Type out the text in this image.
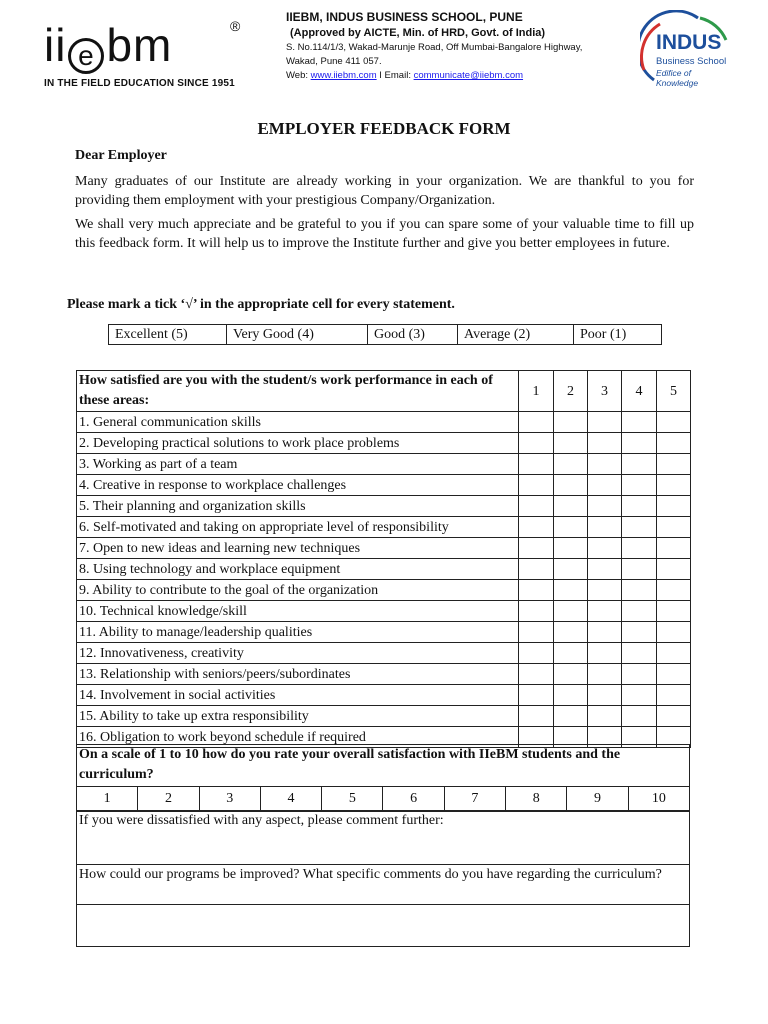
ii e bm	®
IN THE FIELD EDUCATION SINCE 1951
IIEBM, INDUS BUSINESS SCHOOL, PUNE
(Approved by AICTE, Min. of HRD, Govt. of India)
S. No.114/1/3, Wakad-Marunje Road, Off Mumbai-Bangalore Highway,
Wakad, Pune 411 057.
Web: www.iiebm.com I Email: communicate@iiebm.com
INDUS
Business School
Edifice of Knowledge
EMPLOYER FEEDBACK FORM
Dear Employer
Many graduates of our Institute are already working in your organization. We are thankful to you for providing them employment with your prestigious Company/Organization.
We shall very much appreciate and be grateful to you if you can spare some of your valuable time to fill up this feedback form. It will help us to improve the Institute further and give you better employees in future.
Please mark a tick ‘√’ in the appropriate cell for every statement.
Excellent (5)	Very Good (4)	Good (3)	Average (2)	Poor (1)
How satisfied are you with the student/s work performance in each of these areas:	1	2	3	4	5
1. General communication skills					
2. Developing practical solutions to work place problems					
3. Working as part of a team					
4. Creative in response to workplace challenges					
5. Their planning and organization skills					
6. Self-motivated and taking on appropriate level of responsibility					
7. Open to new ideas and learning new techniques					
8. Using technology and workplace equipment					
9. Ability to contribute to the goal of the organization					
10. Technical knowledge/skill					
11. Ability to manage/leadership qualities					
12. Innovativeness, creativity					
13. Relationship with seniors/peers/subordinates					
14. Involvement in social activities					
15. Ability to take up extra responsibility					
16. Obligation to work beyond schedule if required					
1	2	3	4	5	6	7	8	9	10
On a scale of 1 to 10 how do you rate your overall satisfaction with IIeBM students and the curriculum?
If you were dissatisfied with any aspect, please comment further:
How could our programs be improved? What specific comments do you have regarding the curriculum?
